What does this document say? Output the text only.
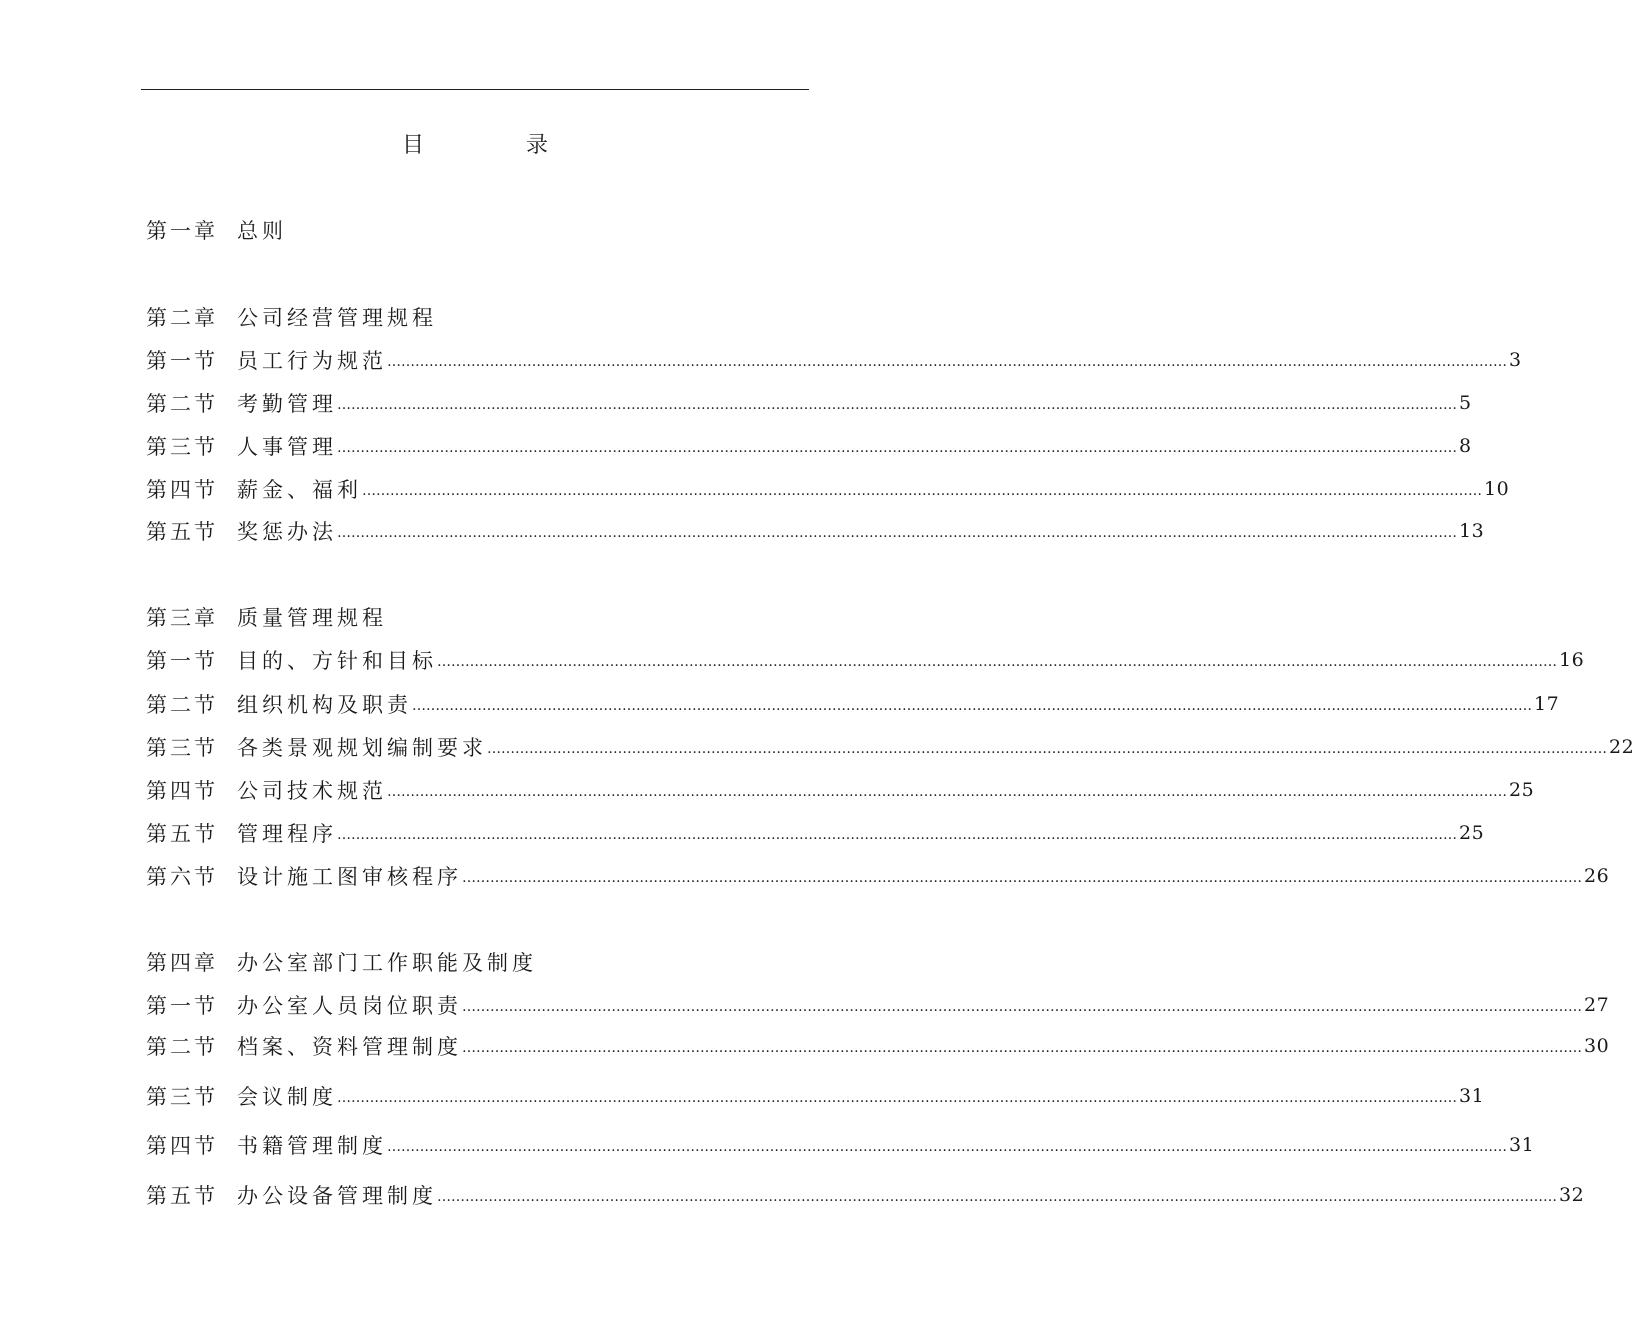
目　录
第一章 总则
第二章 公司经营管理规程
第一节 员工行为规范 …………………………………………………………………………………………………………………………………………………………………………………………………………………… 3
第二节 考勤管理 …………………………………………………………………………………………………………………………………………………………………………………………………………………… 5
第三节 人事管理 …………………………………………………………………………………………………………………………………………………………………………………………………………………… 8
第四节 薪金、福利 …………………………………………………………………………………………………………………………………………………………………………………………………………………… 10
第五节 奖惩办法 …………………………………………………………………………………………………………………………………………………………………………………………………………………… 13
第三章 质量管理规程
第一节 目的、方针和目标 …………………………………………………………………………………………………………………………………………………………………………………………………………………… 16
第二节 组织机构及职责 …………………………………………………………………………………………………………………………………………………………………………………………………………………… 17
第三节 各类景观规划编制要求 …………………………………………………………………………………………………………………………………………………………………………………………………………………… 22
第四节 公司技术规范 …………………………………………………………………………………………………………………………………………………………………………………………………………………… 25
第五节 管理程序 …………………………………………………………………………………………………………………………………………………………………………………………………………………… 25
第六节 设计施工图审核程序 …………………………………………………………………………………………………………………………………………………………………………………………………………………… 26
第四章 办公室部门工作职能及制度
第一节 办公室人员岗位职责 …………………………………………………………………………………………………………………………………………………………………………………………………………………… 27
第二节 档案、资料管理制度 …………………………………………………………………………………………………………………………………………………………………………………………………………………… 30
第三节 会议制度 …………………………………………………………………………………………………………………………………………………………………………………………………………………… 31
第四节 书籍管理制度 …………………………………………………………………………………………………………………………………………………………………………………………………………………… 31
第五节 办公设备管理制度 …………………………………………………………………………………………………………………………………………………………………………………………………………………… 32
